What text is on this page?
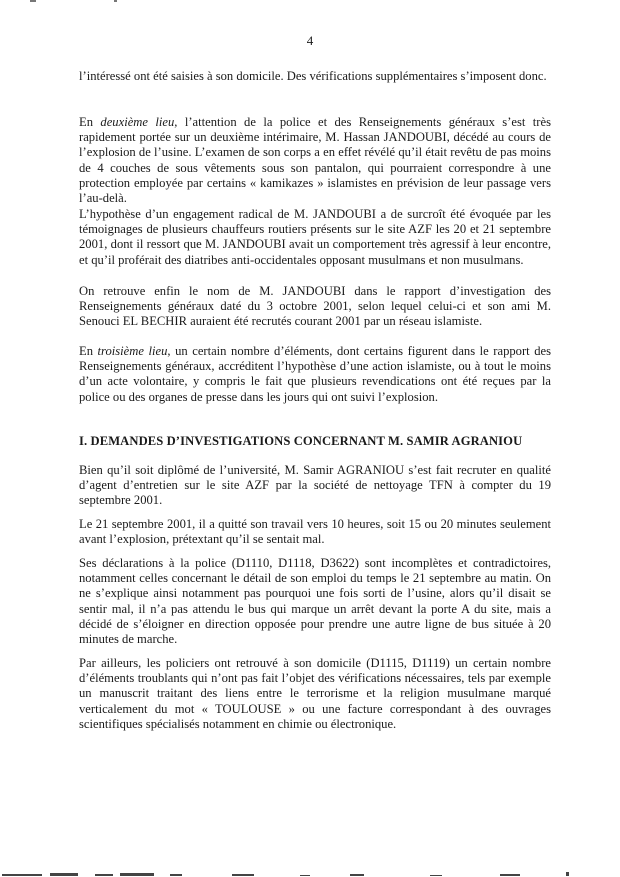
4

l’intéressé ont été saisies à son domicile. Des vérifications supplémentaires s’imposent donc.

En deuxième lieu, l’attention de la police et des Renseignements généraux s’est très rapidement portée sur un deuxième intérimaire, M. Hassan JANDOUBI, décédé au cours de l’explosion de l’usine. L’examen de son corps a en effet révélé qu’il était revêtu de pas moins de 4 couches de sous vêtements sous son pantalon, qui pourraient correspondre à une protection employée par certains « kamikazes » islamistes en prévision de leur passage vers l’au-delà.

L’hypothèse d’un engagement radical de M. JANDOUBI a de surcroît été évoquée par les témoignages de plusieurs chauffeurs routiers présents sur le site AZF les 20 et 21 septembre 2001, dont il ressort que M. JANDOUBI avait un comportement très agressif à leur encontre, et qu’il proférait des diatribes anti-occidentales opposant musulmans et non musulmans.

On retrouve enfin le nom de M. JANDOUBI dans le rapport d’investigation des Renseignements généraux daté du 3 octobre 2001, selon lequel celui-ci et son ami M. Senouci EL BECHIR auraient été recrutés courant 2001 par un réseau islamiste.

En troisième lieu, un certain nombre d’éléments, dont certains figurent dans le rapport des Renseignements généraux, accréditent l’hypothèse d’une action islamiste, ou à tout le moins d’un acte volontaire, y compris le fait que plusieurs revendications ont été reçues par la police ou des organes de presse dans les jours qui ont suivi l’explosion.

I. DEMANDES D’INVESTIGATIONS CONCERNANT M. SAMIR AGRANIOU

Bien qu’il soit diplômé de l’université, M. Samir AGRANIOU s’est fait recruter en qualité d’agent d’entretien sur le site AZF par la société de nettoyage TFN à compter du 19 septembre 2001.

Le 21 septembre 2001, il a quitté son travail vers 10 heures, soit 15 ou 20 minutes seulement avant l’explosion, prétextant qu’il se sentait mal.

Ses déclarations à la police (D1110, D1118, D3622) sont incomplètes et contradictoires, notamment celles concernant le détail de son emploi du temps le 21 septembre au matin. On ne s’explique ainsi notamment pas pourquoi une fois sorti de l’usine, alors qu’il disait se sentir mal, il n’a pas attendu le bus qui marque un arrêt devant la porte A du site, mais a décidé de s’éloigner en direction opposée pour prendre une autre ligne de bus située à 20 minutes de marche.

Par ailleurs, les policiers ont retrouvé à son domicile (D1115, D1119) un certain nombre d’éléments troublants qui n’ont pas fait l’objet des vérifications nécessaires, tels par exemple un manuscrit traitant des liens entre le terrorisme et la religion musulmane marqué verticalement du mot « TOULOUSE » ou une facture correspondant à des ouvrages scientifiques spécialisés notamment en chimie ou électronique.
